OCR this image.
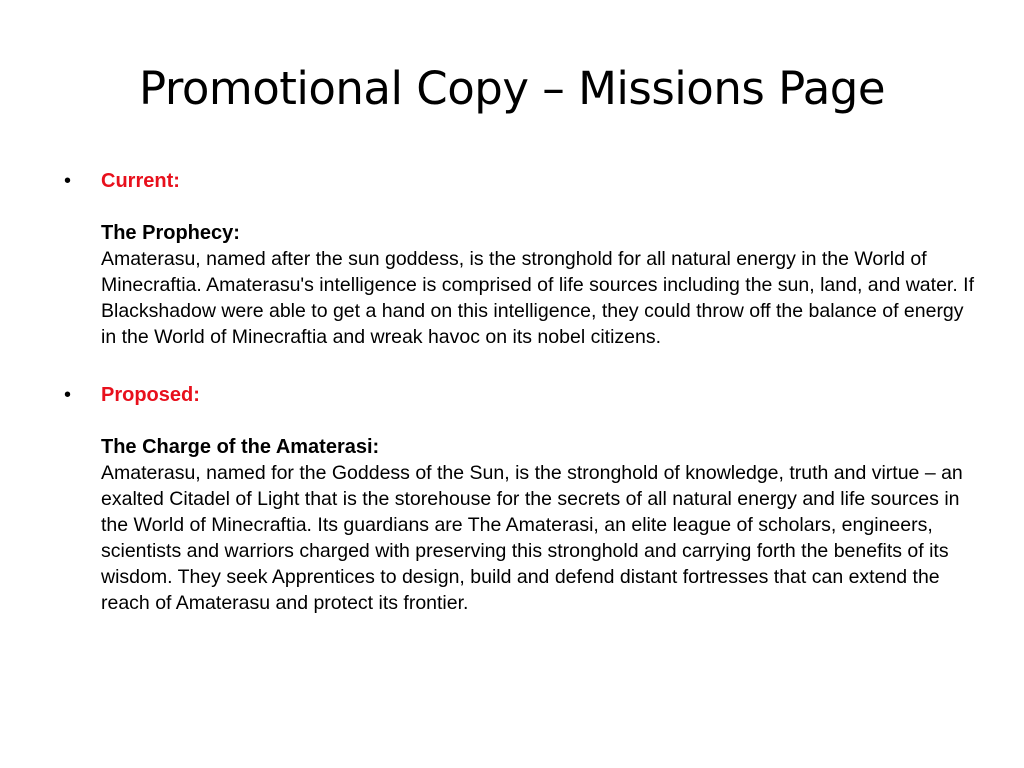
Promotional Copy – Missions Page
• Current:
The Prophecy:
Amaterasu, named after the sun goddess, is the stronghold for all natural energy in the World of Minecraftia. Amaterasu's intelligence is comprised of life sources including the sun, land, and water. If Blackshadow were able to get a hand on this intelligence, they could throw off the balance of energy in the World of Minecraftia and wreak havoc on its nobel citizens.
• Proposed:
The Charge of the Amaterasi:
Amaterasu, named for the Goddess of the Sun, is the stronghold of knowledge, truth and virtue – an exalted Citadel of Light that is the storehouse for the secrets of all natural energy and life sources in the World of Minecraftia. Its guardians are The Amaterasi, an elite league of scholars, engineers, scientists and warriors charged with preserving this stronghold and carrying forth the benefits of its wisdom. They seek Apprentices to design, build and defend distant fortresses that can extend the reach of Amaterasu and protect its frontier.
